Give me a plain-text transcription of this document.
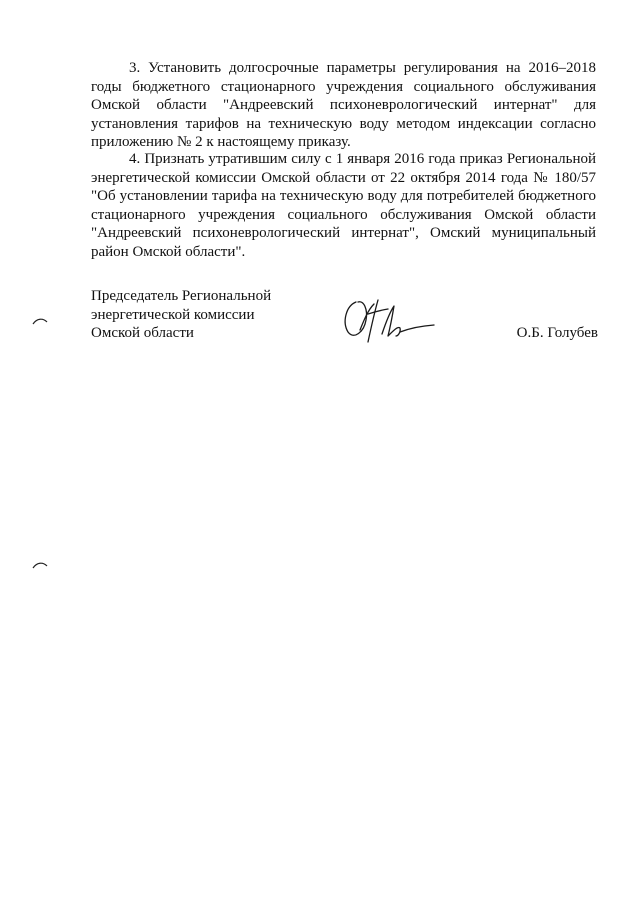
3. Установить долгосрочные параметры регулирования на 2016–2018 годы бюджетного стационарного учреждения социального обслуживания Омской области "Андреевский психоневрологический интернат" для установления тарифов на техническую воду методом индексации согласно приложению № 2 к настоящему приказу.

4. Признать утратившим силу с 1 января 2016 года приказ Региональной энергетической комиссии Омской области от 22 октября 2014 года № 180/57 "Об установлении тарифа на техническую воду для потребителей бюджетного стационарного учреждения социального обслуживания Омской области "Андреевский психоневрологический интернат", Омский муниципальный район Омской области".

Председатель Региональной
энергетической комиссии
Омской области	О.Б. Голубев
